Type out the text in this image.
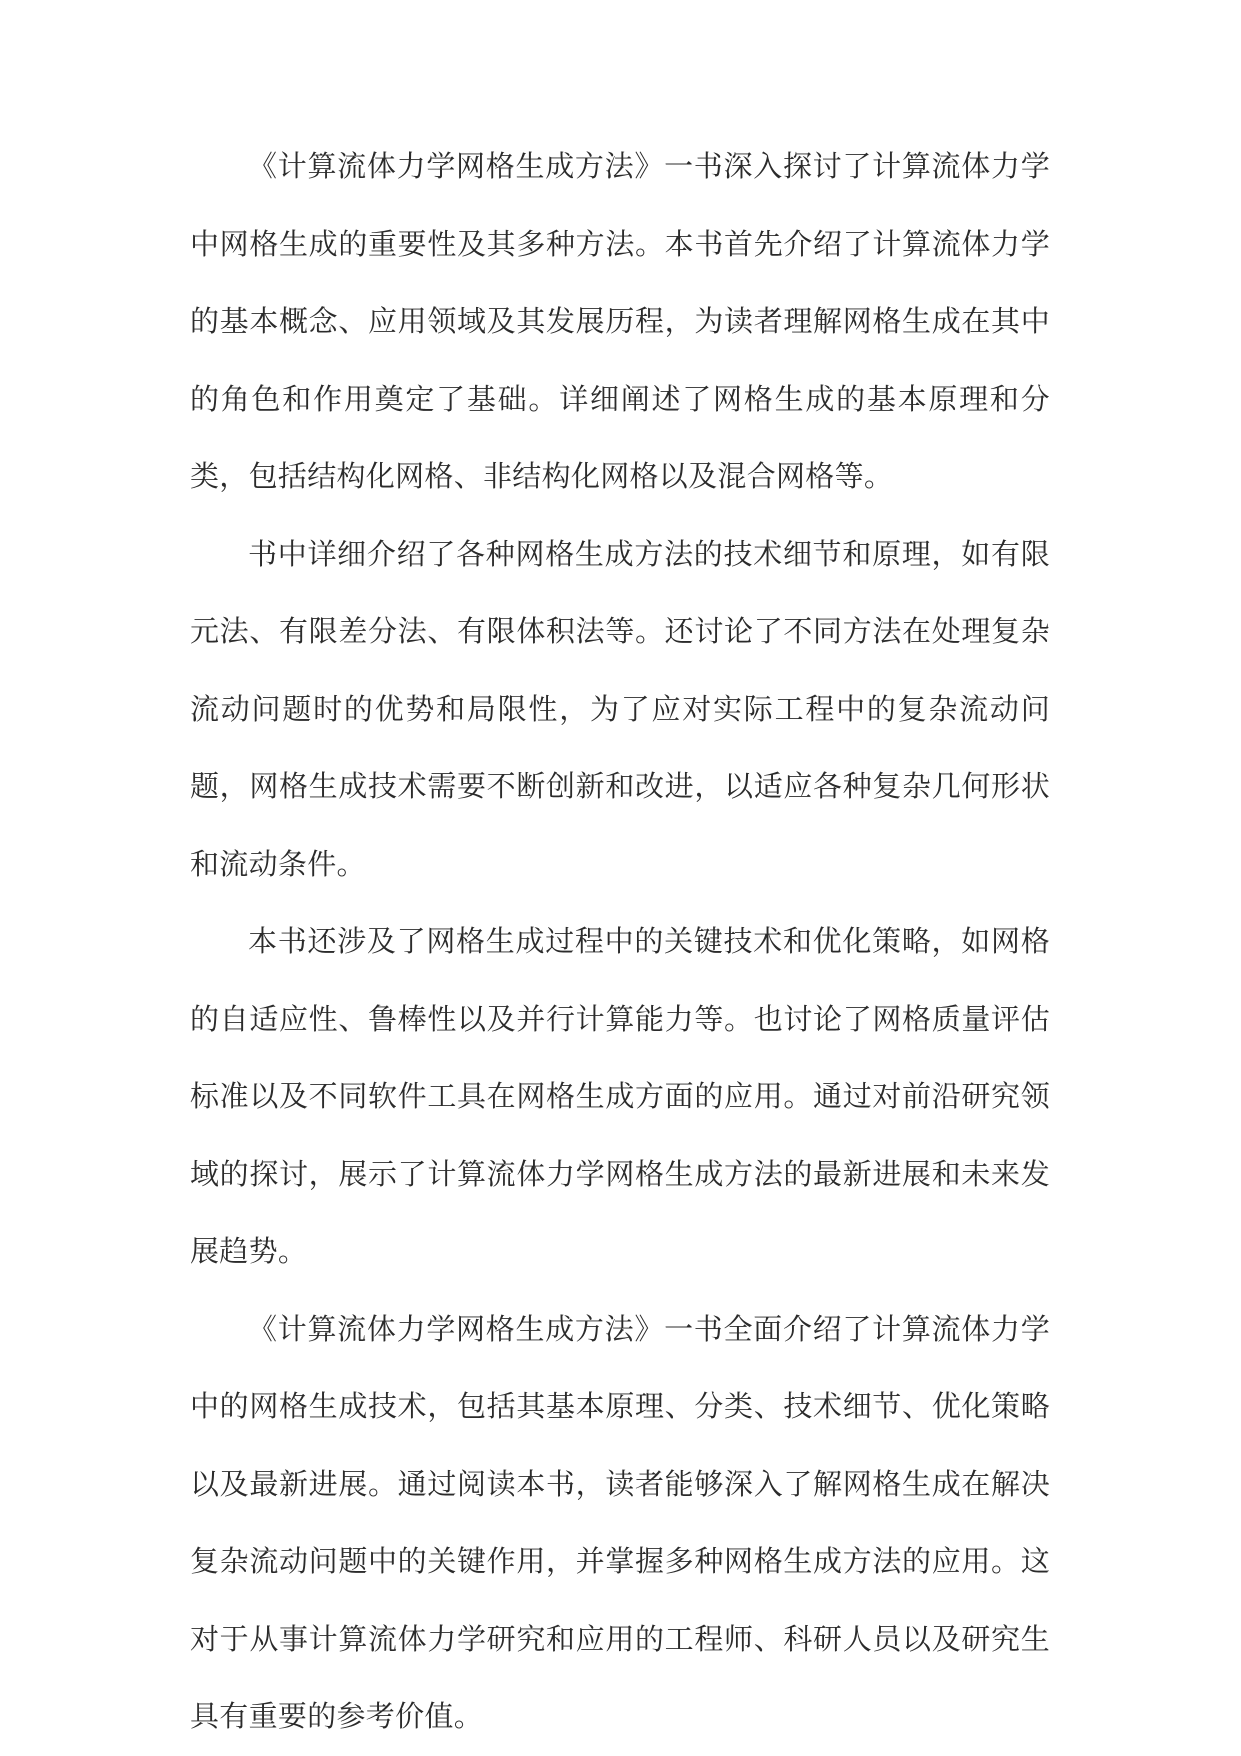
《计算流体力学网格生成方法》一书深入探讨了计算流体力学中网格生成的重要性及其多种方法。本书首先介绍了计算流体力学的基本概念、应用领域及其发展历程，为读者理解网格生成在其中的角色和作用奠定了基础。详细阐述了网格生成的基本原理和分类，包括结构化网格、非结构化网格以及混合网格等。

书中详细介绍了各种网格生成方法的技术细节和原理，如有限元法、有限差分法、有限体积法等。还讨论了不同方法在处理复杂流动问题时的优势和局限性，为了应对实际工程中的复杂流动问题，网格生成技术需要不断创新和改进，以适应各种复杂几何形状和流动条件。

本书还涉及了网格生成过程中的关键技术和优化策略，如网格的自适应性、鲁棒性以及并行计算能力等。也讨论了网格质量评估标准以及不同软件工具在网格生成方面的应用。通过对前沿研究领域的探讨，展示了计算流体力学网格生成方法的最新进展和未来发展趋势。

《计算流体力学网格生成方法》一书全面介绍了计算流体力学中的网格生成技术，包括其基本原理、分类、技术细节、优化策略以及最新进展。通过阅读本书，读者能够深入了解网格生成在解决复杂流动问题中的关键作用，并掌握多种网格生成方法的应用。这对于从事计算流体力学研究和应用的工程师、科研人员以及研究生具有重要的参考价值。
